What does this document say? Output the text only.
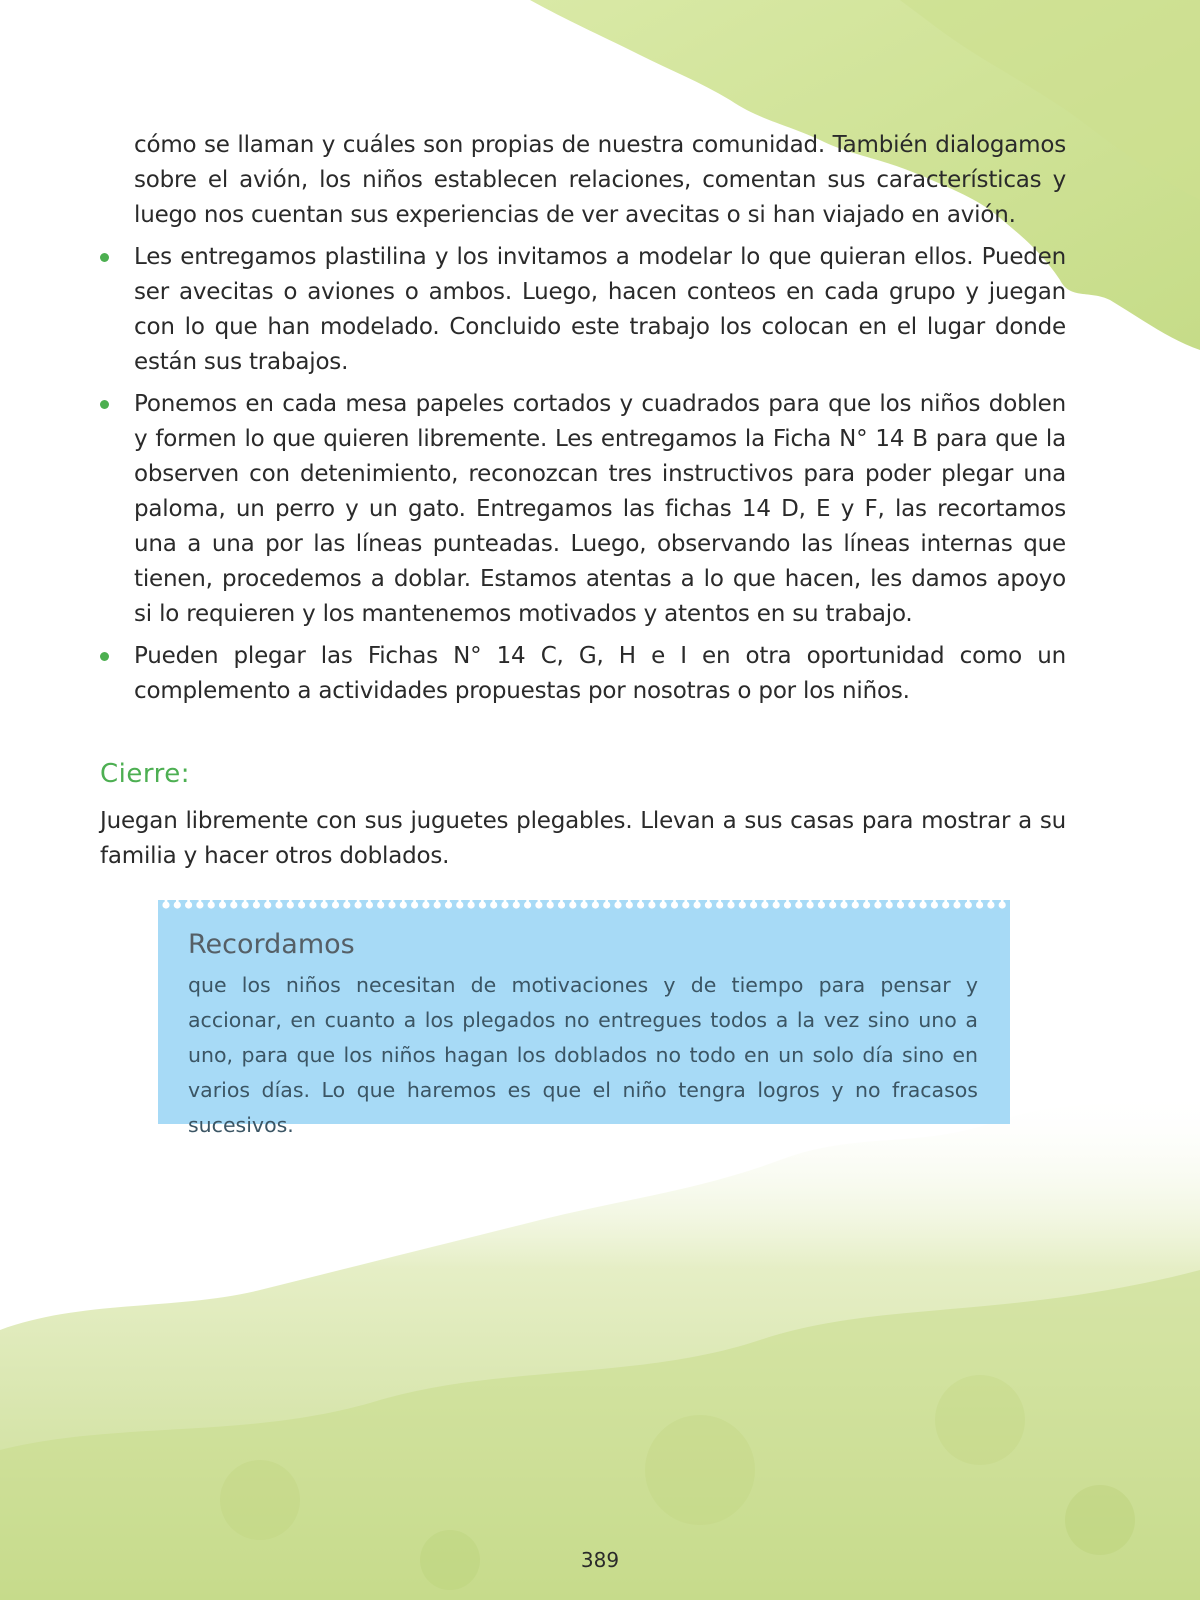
cómo se llaman y cuáles son propias de nuestra comunidad. También dialogamos sobre el avión, los niños establecen relaciones, comentan sus características y luego nos cuentan sus experiencias de ver avecitas o si han viajado en avión.

Les entregamos plastilina y los invitamos a modelar lo que quieran ellos. Pueden ser avecitas o aviones o ambos. Luego, hacen conteos en cada grupo y juegan con lo que han modelado. Concluido este trabajo los colocan en el lugar donde están sus trabajos.
Ponemos en cada mesa papeles cortados y cuadrados para que los niños doblen y formen lo que quieren libremente. Les entregamos la Ficha N° 14 B para que la observen con detenimiento, reconozcan tres instructivos para poder plegar una paloma, un perro y un gato. Entregamos las fichas 14 D, E y F, las recortamos una a una por las líneas punteadas. Luego, observando las líneas internas que tienen, procedemos a doblar. Estamos atentas a lo que hacen, les damos apoyo si lo requieren y los mantenemos motivados y atentos en su trabajo.
Pueden plegar las Fichas N° 14 C, G, H e I en otra oportunidad como un complemento a actividades propuestas por nosotras o por los niños.
Cierre:

Juegan libremente con sus juguetes plegables. Llevan a sus casas para mostrar a su familia y hacer otros doblados.

Recordamos

que los niños necesitan de motivaciones y de tiempo para pensar y accionar, en cuanto a los plegados no entregues todos a la vez sino uno a uno, para que los niños hagan los doblados no todo en un solo día sino en varios días. Lo que haremos es que el niño tengra logros y no fracasos sucesivos.

389
